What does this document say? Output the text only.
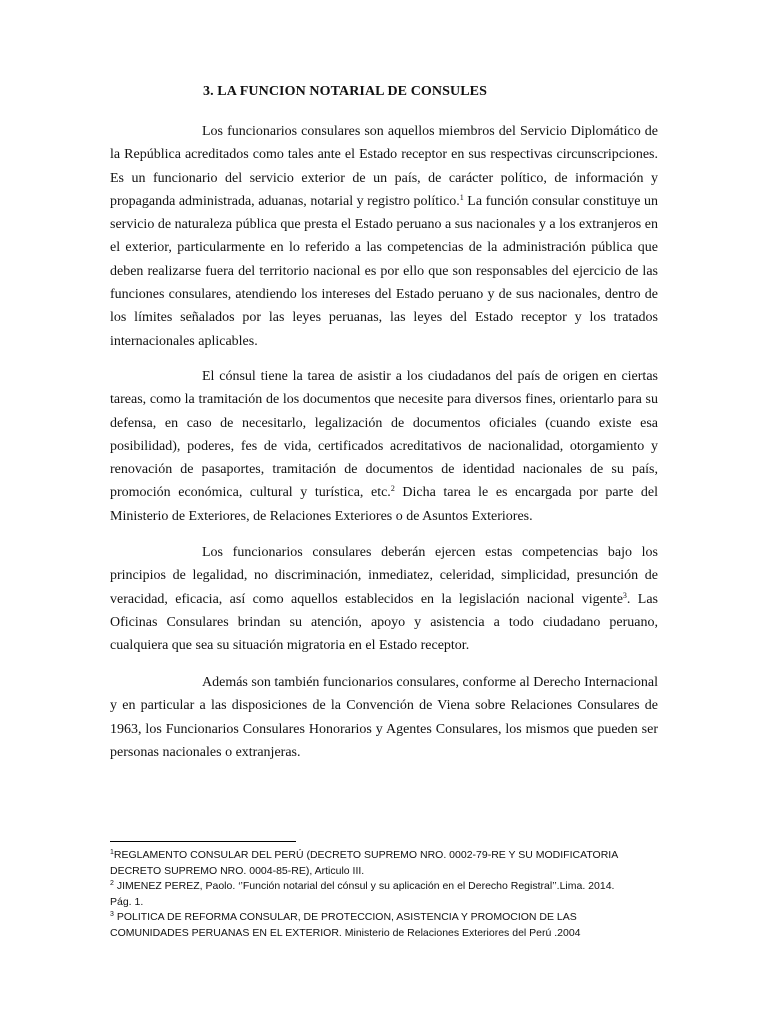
3. LA FUNCION NOTARIAL DE CONSULES

Los funcionarios consulares son aquellos miembros del Servicio Diplomático de la República acreditados como tales ante el Estado receptor en sus respectivas circunscripciones. Es un funcionario del servicio exterior de un país, de carácter político, de información y propaganda administrada, aduanas, notarial y registro político.$^1$ La función consular constituye un servicio de naturaleza pública que presta el Estado peruano a sus nacionales y a los extranjeros en el exterior, particularmente en lo referido a las competencias de la administración pública que deben realizarse fuera del territorio nacional es por ello que son responsables del ejercicio de las funciones consulares, atendiendo los intereses del Estado peruano y de sus nacionales, dentro de los límites señalados por las leyes peruanas, las leyes del Estado receptor y los tratados internacionales aplicables.

El cónsul tiene la tarea de asistir a los ciudadanos del país de origen en ciertas tareas, como la tramitación de los documentos que necesite para diversos fines, orientarlo para su defensa, en caso de necesitarlo, legalización de documentos oficiales (cuando existe esa posibilidad), poderes, fes de vida, certificados acreditativos de nacionalidad, otorgamiento y renovación de pasaportes, tramitación de documentos de identidad nacionales de su país, promoción económica, cultural y turística, etc.$^2$ Dicha tarea le es encargada por parte del Ministerio de Exteriores, de Relaciones Exteriores o de Asuntos Exteriores.

Los funcionarios consulares deberán ejercen estas competencias bajo los principios de legalidad, no discriminación, inmediatez, celeridad, simplicidad, presunción de veracidad, eficacia, así como aquellos establecidos en la legislación nacional vigente$^3$. Las Oficinas Consulares brindan su atención, apoyo y asistencia a todo ciudadano peruano, cualquiera que sea su situación migratoria en el Estado receptor.

Además son también funcionarios consulares, conforme al Derecho Internacional y en particular a las disposiciones de la Convención de Viena sobre Relaciones Consulares de 1963, los Funcionarios Consulares Honorarios y Agentes Consulares, los mismos que pueden ser personas nacionales o extranjeras.

$^1$REGLAMENTO CONSULAR DEL PERÚ (DECRETO SUPREMO NRO. 0002-79-RE Y SU MODIFICATORIA DECRETO SUPREMO NRO. 0004-85-RE), Articulo III.

$^2$ JIMENEZ PEREZ, Paolo. ‘’Función notarial del cónsul y su aplicación en el Derecho Registral’’.Lima. 2014. Pág. 1.

$^3$ POLITICA DE REFORMA CONSULAR, DE PROTECCION, ASISTENCIA Y PROMOCION DE LAS COMUNIDADES PERUANAS EN EL EXTERIOR. Ministerio de Relaciones Exteriores del Perú .2004
